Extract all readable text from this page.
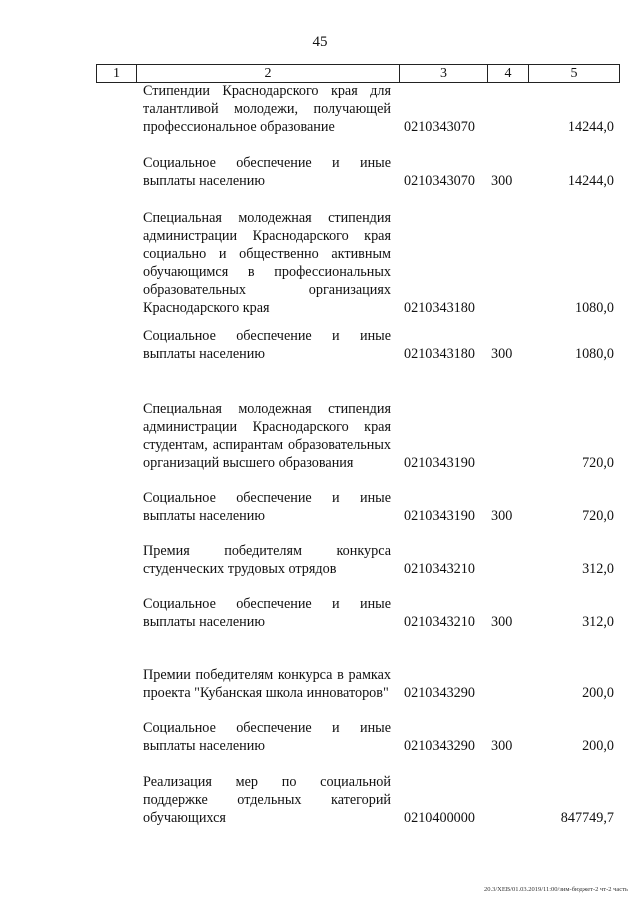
45
1	2	3	4	5
Стипендии Краснодарского края для талантливой молодежи, получающей профессиональное образование	0210343070	14244,0
Социальное обеспечение и иные выплаты населению	0210343070 300	14244,0
Специальная молодежная стипендия администрации Краснодарского края социально и общественно активным обучающимся в профессиональных образовательных организациях Краснодарского края	0210343180	1080,0
Социальное обеспечение и иные выплаты населению	0210343180 300	1080,0
Специальная молодежная стипендия администрации Краснодарского края студентам, аспирантам образовательных организаций высшего образования	0210343190	720,0
Социальное обеспечение и иные выплаты населению	0210343190 300	720,0
Премия победителям конкурса студенческих трудовых отрядов	0210343210	312,0
Социальное обеспечение и иные выплаты населению	0210343210 300	312,0
Премии победителям конкурса в рамках проекта "Кубанская школа инноваторов" 0210343290	200,0
Социальное обеспечение и иные выплаты населению	0210343290 300	200,0
Реализация мер по социальной поддержке отдельных категорий обучающихся	0210400000	847749,7
20.3/ХЕВ/01.03.2019/11:00/зим-бюджет-2 чт-2 часть
